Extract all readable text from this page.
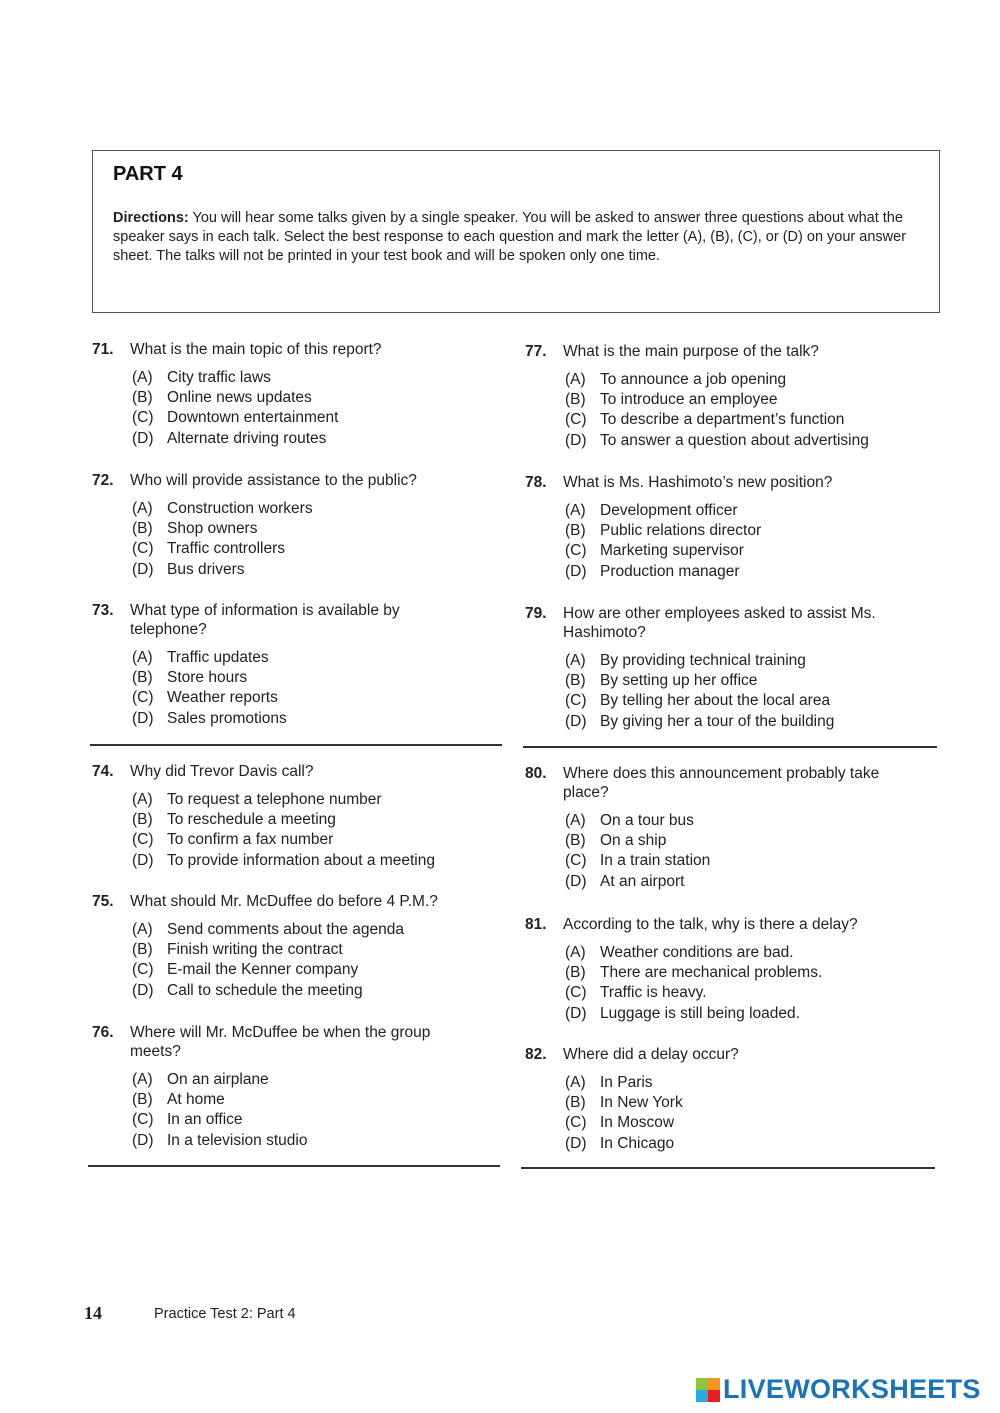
PART 4
Directions: You will hear some talks given by a single speaker. You will be asked to answer three questions about what the speaker says in each talk. Select the best response to each question and mark the letter (A), (B), (C), or (D) on your answer sheet. The talks will not be printed in your test book and will be spoken only one time.
71.	What is the main topic of this report?
(A) City traffic laws
(B) Online news updates
(C) Downtown entertainment
(D) Alternate driving routes
72.	Who will provide assistance to the public?
(A) Construction workers
(B) Shop owners
(C) Traffic controllers
(D) Bus drivers
73.	What type of information is available by telephone?
(A) Traffic updates
(B) Store hours
(C) Weather reports
(D) Sales promotions
74.	Why did Trevor Davis call?
(A) To request a telephone number
(B) To reschedule a meeting
(C) To confirm a fax number
(D) To provide information about a meeting
75.	What should Mr. McDuffee do before 4 P.M.?
(A) Send comments about the agenda
(B) Finish writing the contract
(C) E-mail the Kenner company
(D) Call to schedule the meeting
76.	Where will Mr. McDuffee be when the group meets?
(A) On an airplane
(B) At home
(C) In an office
(D) In a television studio
77.	What is the main purpose of the talk?
(A) To announce a job opening
(B) To introduce an employee
(C) To describe a department’s function
(D) To answer a question about advertising
78.	What is Ms. Hashimoto’s new position?
(A) Development officer
(B) Public relations director
(C) Marketing supervisor
(D) Production manager
79.	How are other employees asked to assist Ms. Hashimoto?
(A) By providing technical training
(B) By setting up her office
(C) By telling her about the local area
(D) By giving her a tour of the building
80.	Where does this announcement probably take place?
(A) On a tour bus
(B) On a ship
(C) In a train station
(D) At an airport
81.	According to the talk, why is there a delay?
(A) Weather conditions are bad.
(B) There are mechanical problems.
(C) Traffic is heavy.
(D) Luggage is still being loaded.
82.	Where did a delay occur?
(A) In Paris
(B) In New York
(C) In Moscow
(D) In Chicago
14	Practice Test 2: Part 4
LIVEWORKSHEETS
